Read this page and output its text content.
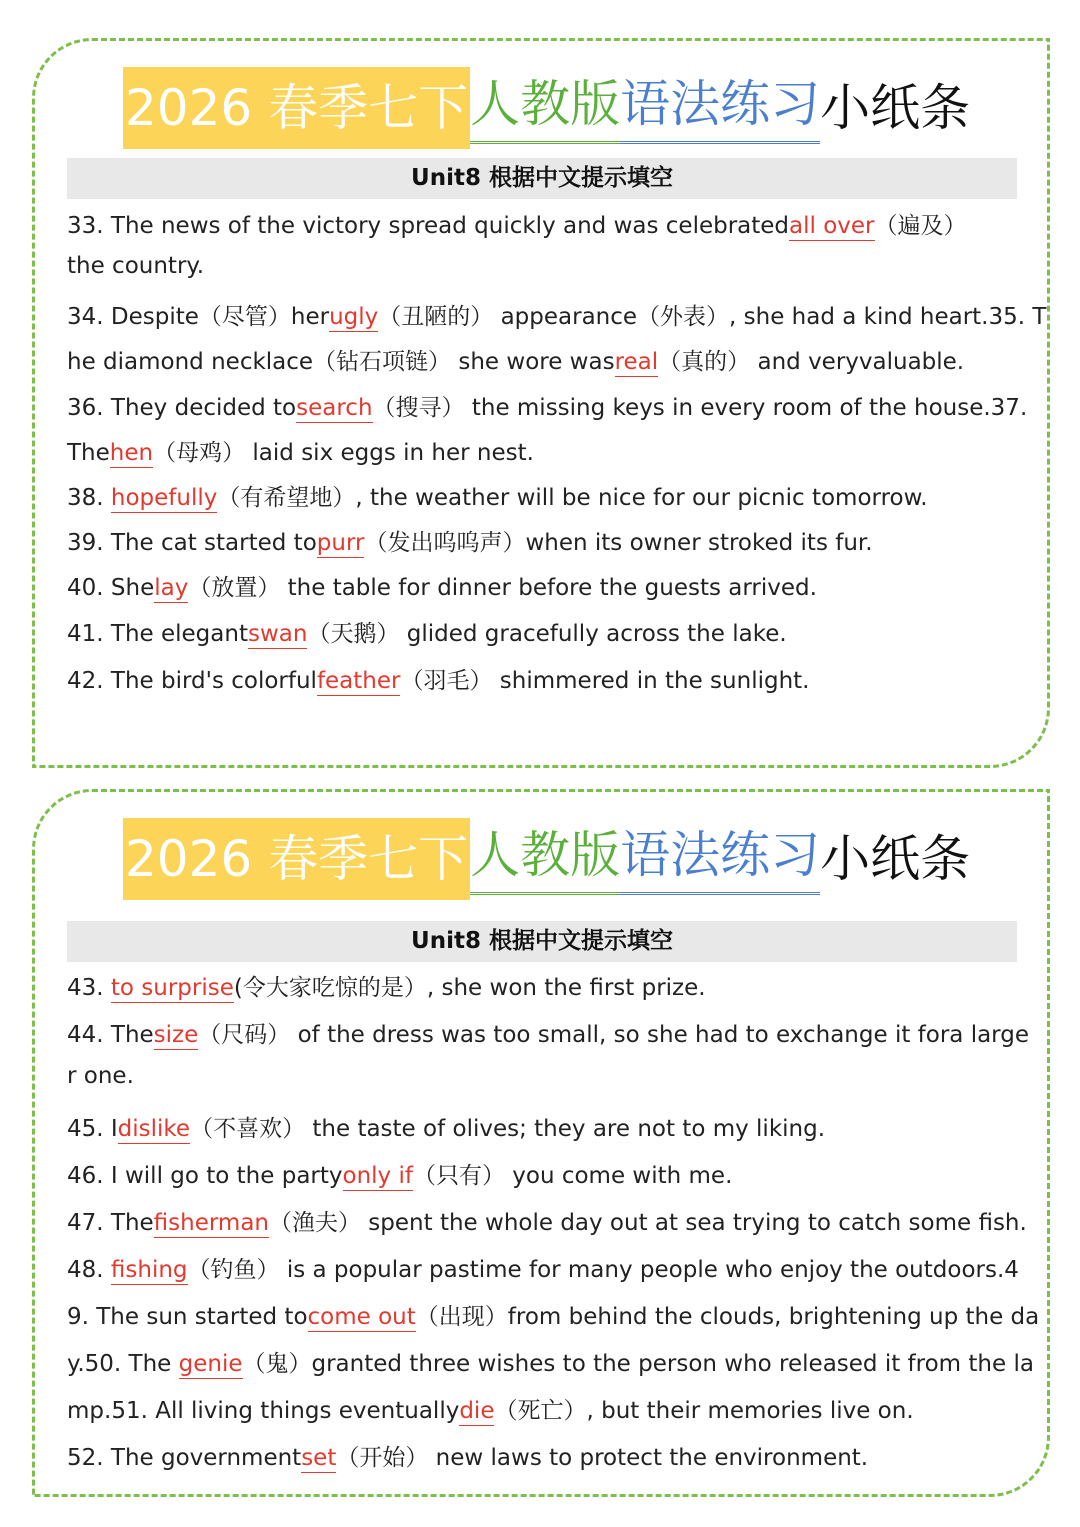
2026 春季七下人教版语法练习小纸条
Unit8 根据中文提示填空
33. The news of the victory spread quickly and was celebratedall over（遍及）
the country.
34. Despite（尽管）herugly（丑陋的） appearance（外表）, she had a kind heart.35. T
he diamond necklace（钻石项链） she wore wasreal（真的） and veryvaluable.
36. They decided tosearch（搜寻） the missing keys in every room of the house.37.
Thehen（母鸡） laid six eggs in her nest.
38. hopefully（有希望地）, the weather will be nice for our picnic tomorrow.
39. The cat started topurr（发出呜呜声）when its owner stroked its fur.
40. Shelay（放置） the table for dinner before the guests arrived.
41. The elegantswan（天鹅） glided gracefully across the lake.
42. The bird's colorfulfeather（羽毛） shimmered in the sunlight.
2026 春季七下人教版语法练习小纸条
Unit8 根据中文提示填空
43. to surprise(令大家吃惊的是）, she won the first prize.
44. Thesize（尺码） of the dress was too small, so she had to exchange it fora large
r one.
45. Idislike（不喜欢） the taste of olives; they are not to my liking.
46. I will go to the partyonly if（只有） you come with me.
47. Thefisherman（渔夫） spent the whole day out at sea trying to catch some fish.
48. fishing（钓鱼） is a popular pastime for many people who enjoy the outdoors.4
9. The sun started tocome out（出现）from behind the clouds, brightening up the da
y.50. The genie（鬼）granted three wishes to the person who released it from the la
mp.51. All living things eventuallydie（死亡）, but their memories live on.
52. The governmentset（开始） new laws to protect the environment.
